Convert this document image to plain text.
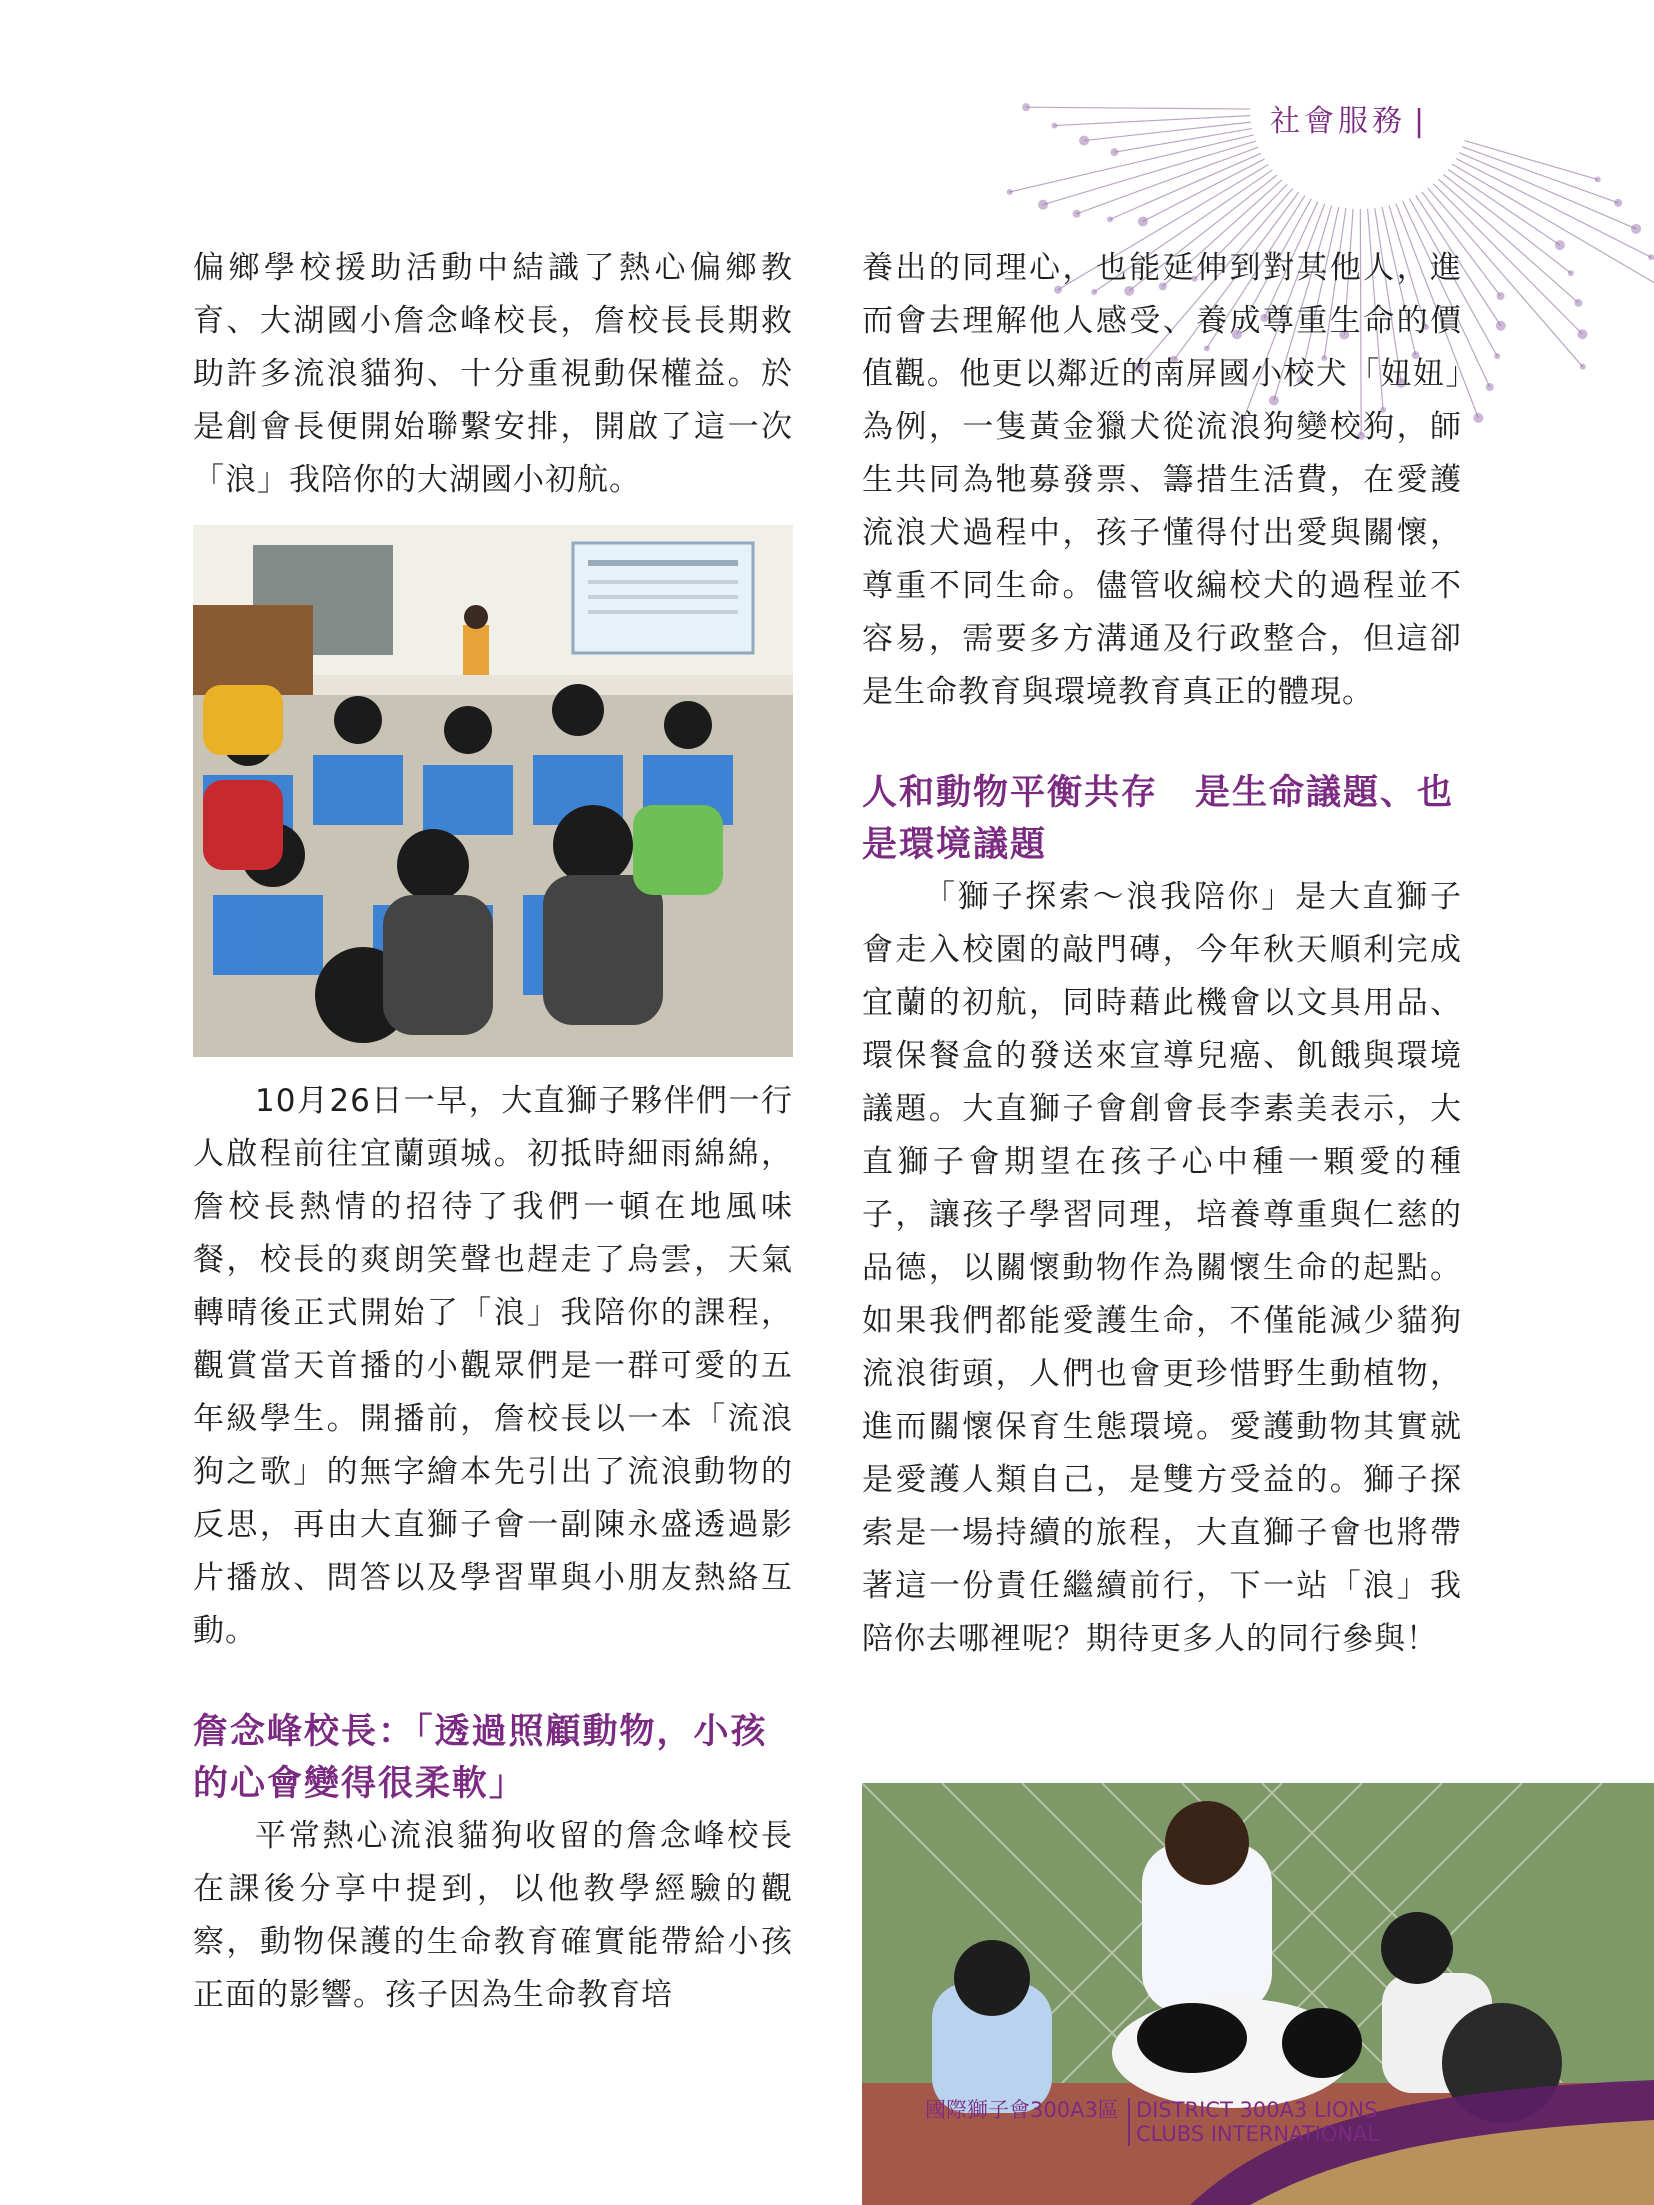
社會服務 |

偏鄉學校援助活動中結識了熱心偏鄉教育、大湖國小詹念峰校長，詹校長長期救助許多流浪貓狗、十分重視動保權益。於是創會長便開始聯繫安排，開啟了這一次「浪」我陪你的大湖國小初航。

10月26日一早，大直獅子夥伴們一行人啟程前往宜蘭頭城。初抵時細雨綿綿，詹校長熱情的招待了我們一頓在地風味餐，校長的爽朗笑聲也趕走了烏雲，天氣轉晴後正式開始了「浪」我陪你的課程，觀賞當天首播的小觀眾們是一群可愛的五年級學生。開播前，詹校長以一本「流浪狗之歌」的無字繪本先引出了流浪動物的反思，再由大直獅子會一副陳永盛透過影片播放、問答以及學習單與小朋友熱絡互動。

詹念峰校長：「透過照顧動物，小孩的心會變得很柔軟」

平常熱心流浪貓狗收留的詹念峰校長在課後分享中提到，以他教學經驗的觀察，動物保護的生命教育確實能帶給小孩正面的影響。孩子因為生命教育培

養出的同理心，也能延伸到對其他人，進而會去理解他人感受、養成尊重生命的價值觀。他更以鄰近的南屏國小校犬「妞妞」為例，一隻黃金獵犬從流浪狗變校狗，師生共同為牠募發票、籌措生活費，在愛護流浪犬過程中，孩子懂得付出愛與關懷，尊重不同生命。儘管收編校犬的過程並不容易，需要多方溝通及行政整合，但這卻是生命教育與環境教育真正的體現。

人和動物平衡共存　是生命議題、也是環境議題

「獅子探索～浪我陪你」是大直獅子會走入校園的敲門磚，今年秋天順利完成宜蘭的初航，同時藉此機會以文具用品、環保餐盒的發送來宣導兒癌、飢餓與環境議題。大直獅子會創會長李素美表示，大直獅子會期望在孩子心中種一顆愛的種子，讓孩子學習同理，培養尊重與仁慈的品德，以關懷動物作為關懷生命的起點。如果我們都能愛護生命，不僅能減少貓狗流浪街頭，人們也會更珍惜野生動植物，進而關懷保育生態環境。愛護動物其實就是愛護人類自己，是雙方受益的。獅子探索是一場持續的旅程，大直獅子會也將帶著這一份責任繼續前行，下一站「浪」我陪你去哪裡呢？期待更多人的同行參與！

國際獅子會300A3區 DISTRICT 300A3 LIONS CLUBS INTERNATIONAL
